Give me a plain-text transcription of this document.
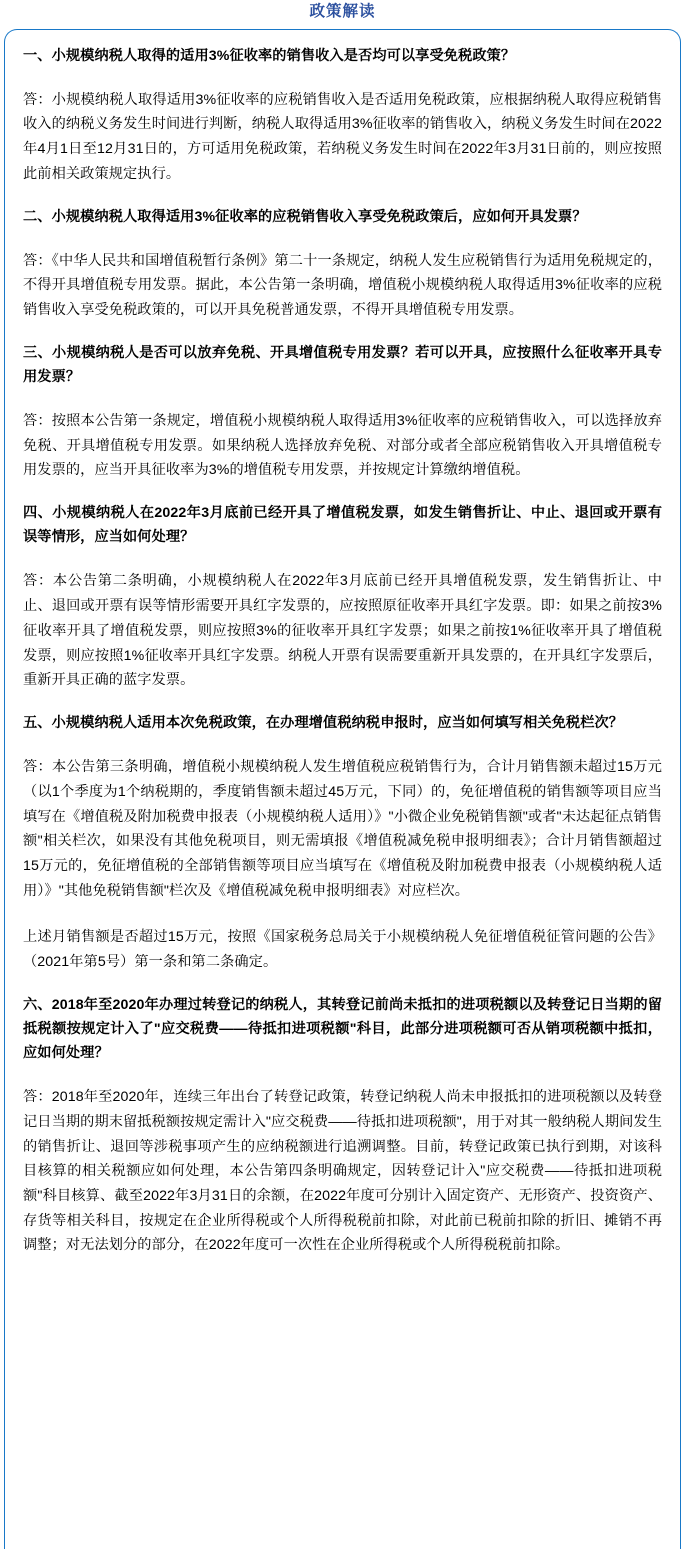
政策解读
一、小规模纳税人取得的适用3%征收率的销售收入是否均可以享受免税政策？
答：小规模纳税人取得适用3%征收率的应税销售收入是否适用免税政策，应根据纳税人取得应税销售收入的纳税义务发生时间进行判断，纳税人取得适用3%征收率的销售收入，纳税义务发生时间在2022年4月1日至12月31日的，方可适用免税政策，若纳税义务发生时间在2022年3月31日前的，则应按照此前相关政策规定执行。
二、小规模纳税人取得适用3%征收率的应税销售收入享受免税政策后，应如何开具发票？
答：《中华人民共和国增值税暂行条例》第二十一条规定，纳税人发生应税销售行为适用免税规定的，不得开具增值税专用发票。据此，本公告第一条明确，增值税小规模纳税人取得适用3%征收率的应税销售收入享受免税政策的，可以开具免税普通发票，不得开具增值税专用发票。
三、小规模纳税人是否可以放弃免税、开具增值税专用发票？若可以开具，应按照什么征收率开具专用发票？
答：按照本公告第一条规定，增值税小规模纳税人取得适用3%征收率的应税销售收入，可以选择放弃免税、开具增值税专用发票。如果纳税人选择放弃免税、对部分或者全部应税销售收入开具增值税专用发票的，应当开具征收率为3%的增值税专用发票，并按规定计算缴纳增值税。
四、小规模纳税人在2022年3月底前已经开具了增值税发票，如发生销售折让、中止、退回或开票有误等情形，应当如何处理？
答：本公告第二条明确，小规模纳税人在2022年3月底前已经开具增值税发票，发生销售折让、中止、退回或开票有误等情形需要开具红字发票的，应按照原征收率开具红字发票。即：如果之前按3%征收率开具了增值税发票，则应按照3%的征收率开具红字发票；如果之前按1%征收率开具了增值税发票，则应按照1%征收率开具红字发票。纳税人开票有误需要重新开具发票的，在开具红字发票后，重新开具正确的蓝字发票。
五、小规模纳税人适用本次免税政策，在办理增值税纳税申报时，应当如何填写相关免税栏次？
答：本公告第三条明确，增值税小规模纳税人发生增值税应税销售行为，合计月销售额未超过15万元（以1个季度为1个纳税期的，季度销售额未超过45万元，下同）的，免征增值税的销售额等项目应当填写在《增值税及附加税费申报表（小规模纳税人适用）》"小微企业免税销售额"或者"未达起征点销售额"相关栏次，如果没有其他免税项目，则无需填报《增值税减免税申报明细表》；合计月销售额超过15万元的，免征增值税的全部销售额等项目应当填写在《增值税及附加税费申报表（小规模纳税人适用）》"其他免税销售额"栏次及《增值税减免税申报明细表》对应栏次。
上述月销售额是否超过15万元，按照《国家税务总局关于小规模纳税人免征增值税征管问题的公告》（2021年第5号）第一条和第二条确定。
六、2018年至2020年办理过转登记的纳税人，其转登记前尚未抵扣的进项税额以及转登记日当期的留抵税额按规定计入了"应交税费——待抵扣进项税额"科目，此部分进项税额可否从销项税额中抵扣，应如何处理？
答：2018年至2020年，连续三年出台了转登记政策，转登记纳税人尚未申报抵扣的进项税额以及转登记日当期的期末留抵税额按规定需计入"应交税费——待抵扣进项税额"，用于对其一般纳税人期间发生的销售折让、退回等涉税事项产生的应纳税额进行追溯调整。目前，转登记政策已执行到期，对该科目核算的相关税额应如何处理，本公告第四条明确规定，因转登记计入"应交税费——待抵扣进项税额"科目核算、截至2022年3月31日的余额，在2022年度可分别计入固定资产、无形资产、投资资产、存货等相关科目，按规定在企业所得税或个人所得税税前扣除，对此前已税前扣除的折旧、摊销不再调整；对无法划分的部分，在2022年度可一次性在企业所得税或个人所得税税前扣除。
